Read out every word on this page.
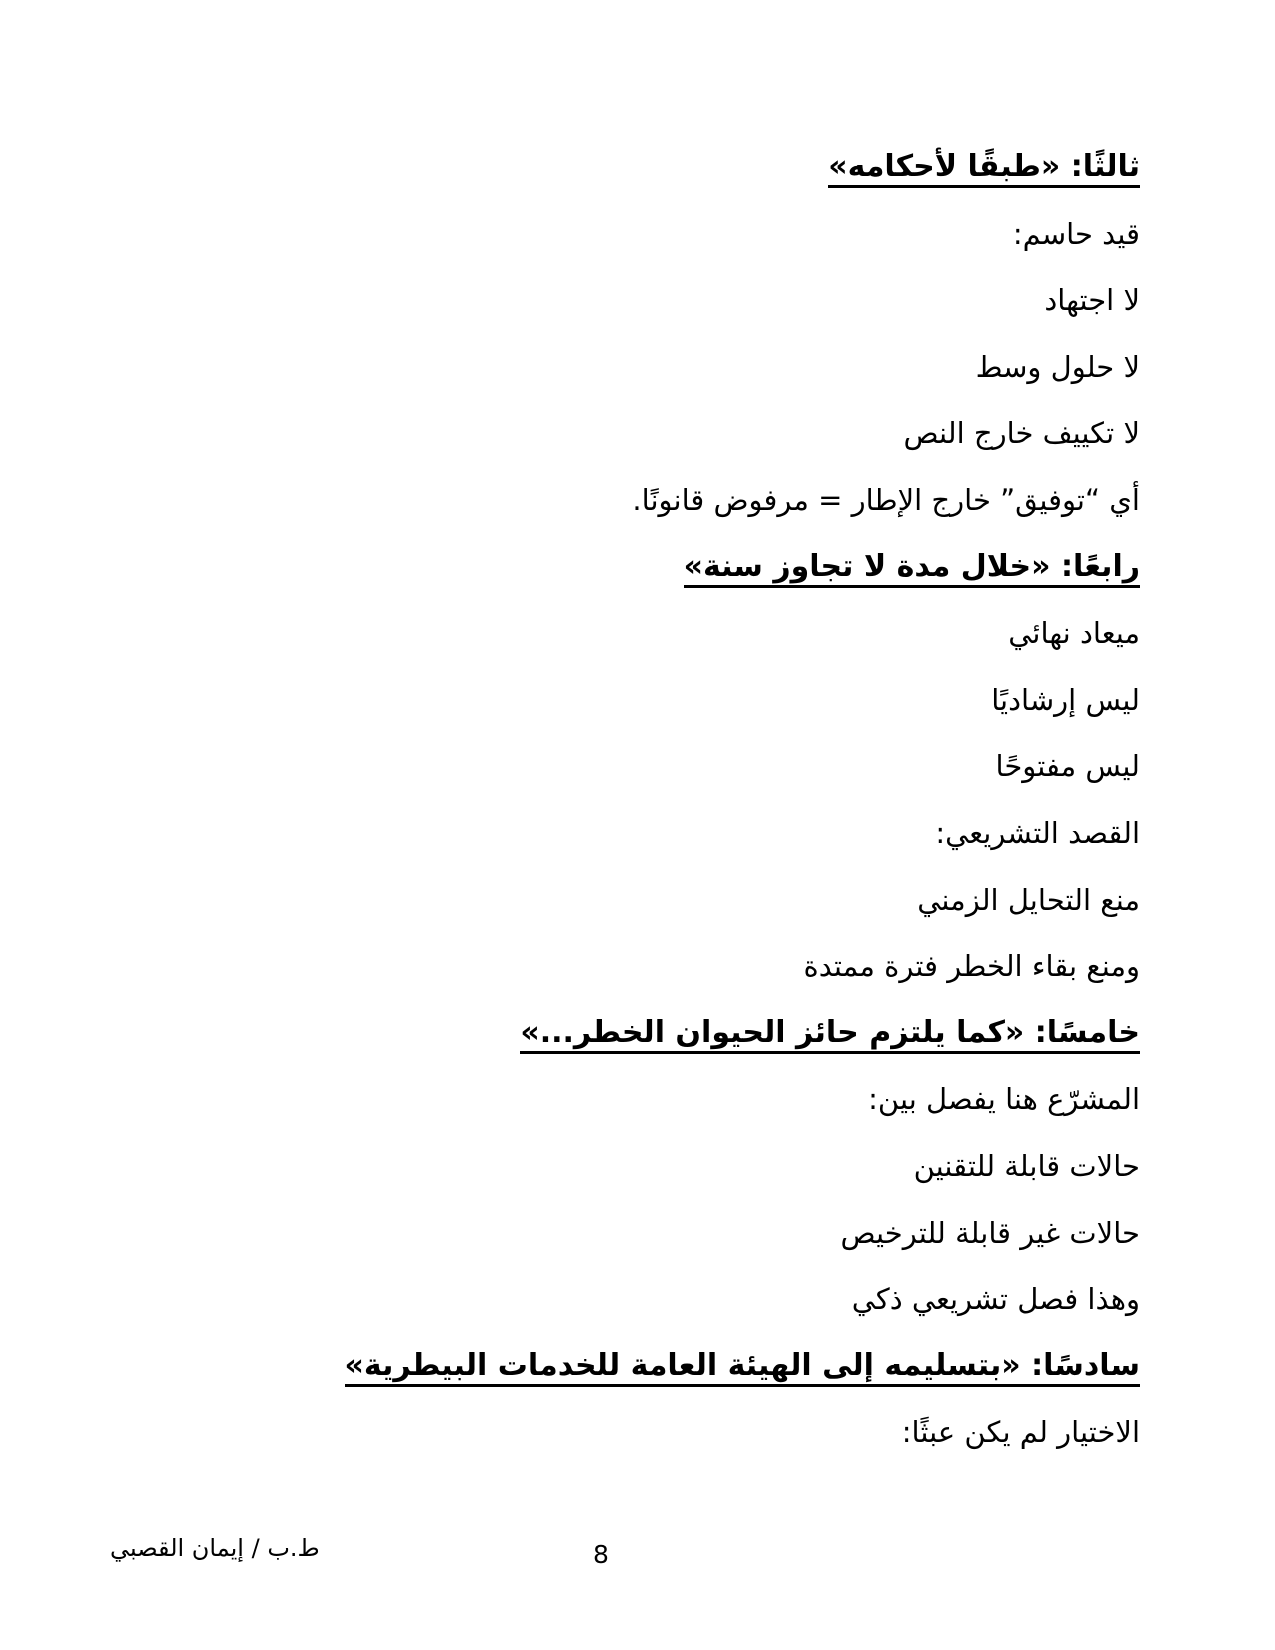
ثالثًا: «طبقًا لأحكامه»
قيد حاسم:
لا اجتهاد
لا حلول وسط
لا تكييف خارج النص
أي “توفيق” خارج الإطار = مرفوض قانونًا.
رابعًا: «خلال مدة لا تجاوز سنة»
ميعاد نهائي
ليس إرشاديًا
ليس مفتوحًا
القصد التشريعي:
منع التحايل الزمني
ومنع بقاء الخطر فترة ممتدة
خامسًا: «كما يلتزم حائز الحيوان الخطر...»
المشرّع هنا يفصل بين:
حالات قابلة للتقنين
حالات غير قابلة للترخيص
وهذا فصل تشريعي ذكي
سادسًا: «بتسليمه إلى الهيئة العامة للخدمات البيطرية»
الاختيار لم يكن عبثًا:
ط.ب / إيمان القصبي	8
